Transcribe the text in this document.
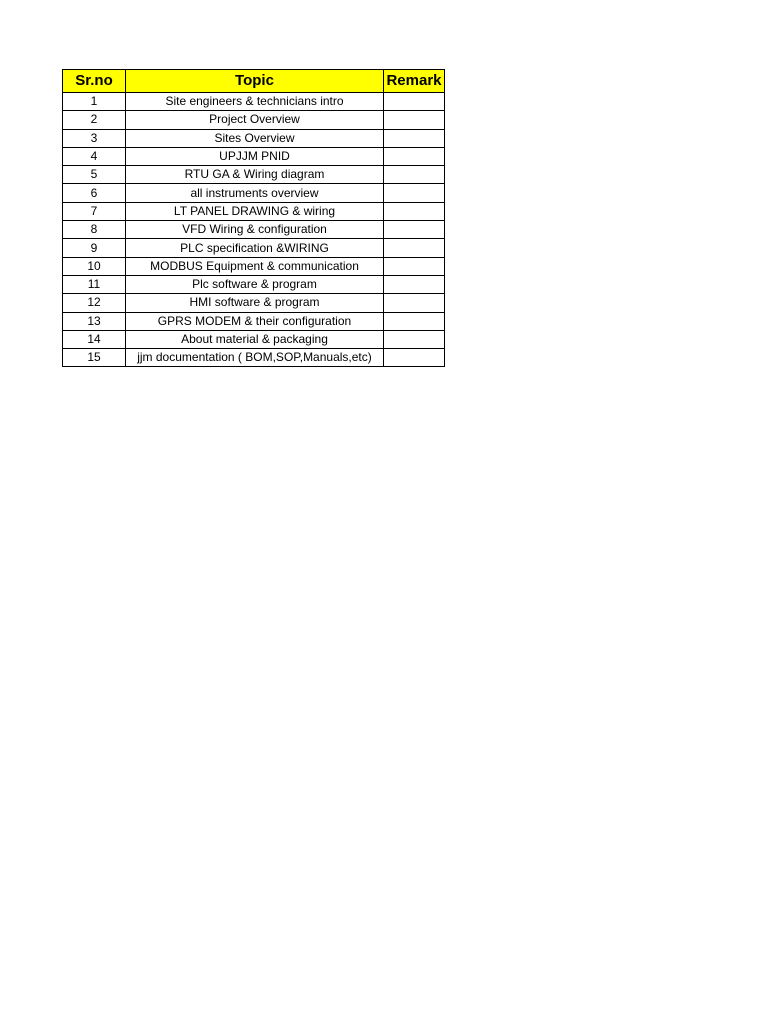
Sr.no	Topic	Remark
1	Site engineers & technicians intro	
2	Project Overview	
3	Sites Overview	
4	UPJJM PNID	
5	RTU GA & Wiring diagram	
6	all instruments overview	
7	LT PANEL DRAWING & wiring	
8	VFD Wiring & configuration	
9	PLC specification &WIRING	
10	MODBUS Equipment & communication	
11	Plc software & program	
12	HMI software & program	
13	GPRS MODEM & their configuration	
14	About material & packaging	
15	jjm documentation ( BOM,SOP,Manuals,etc)	
